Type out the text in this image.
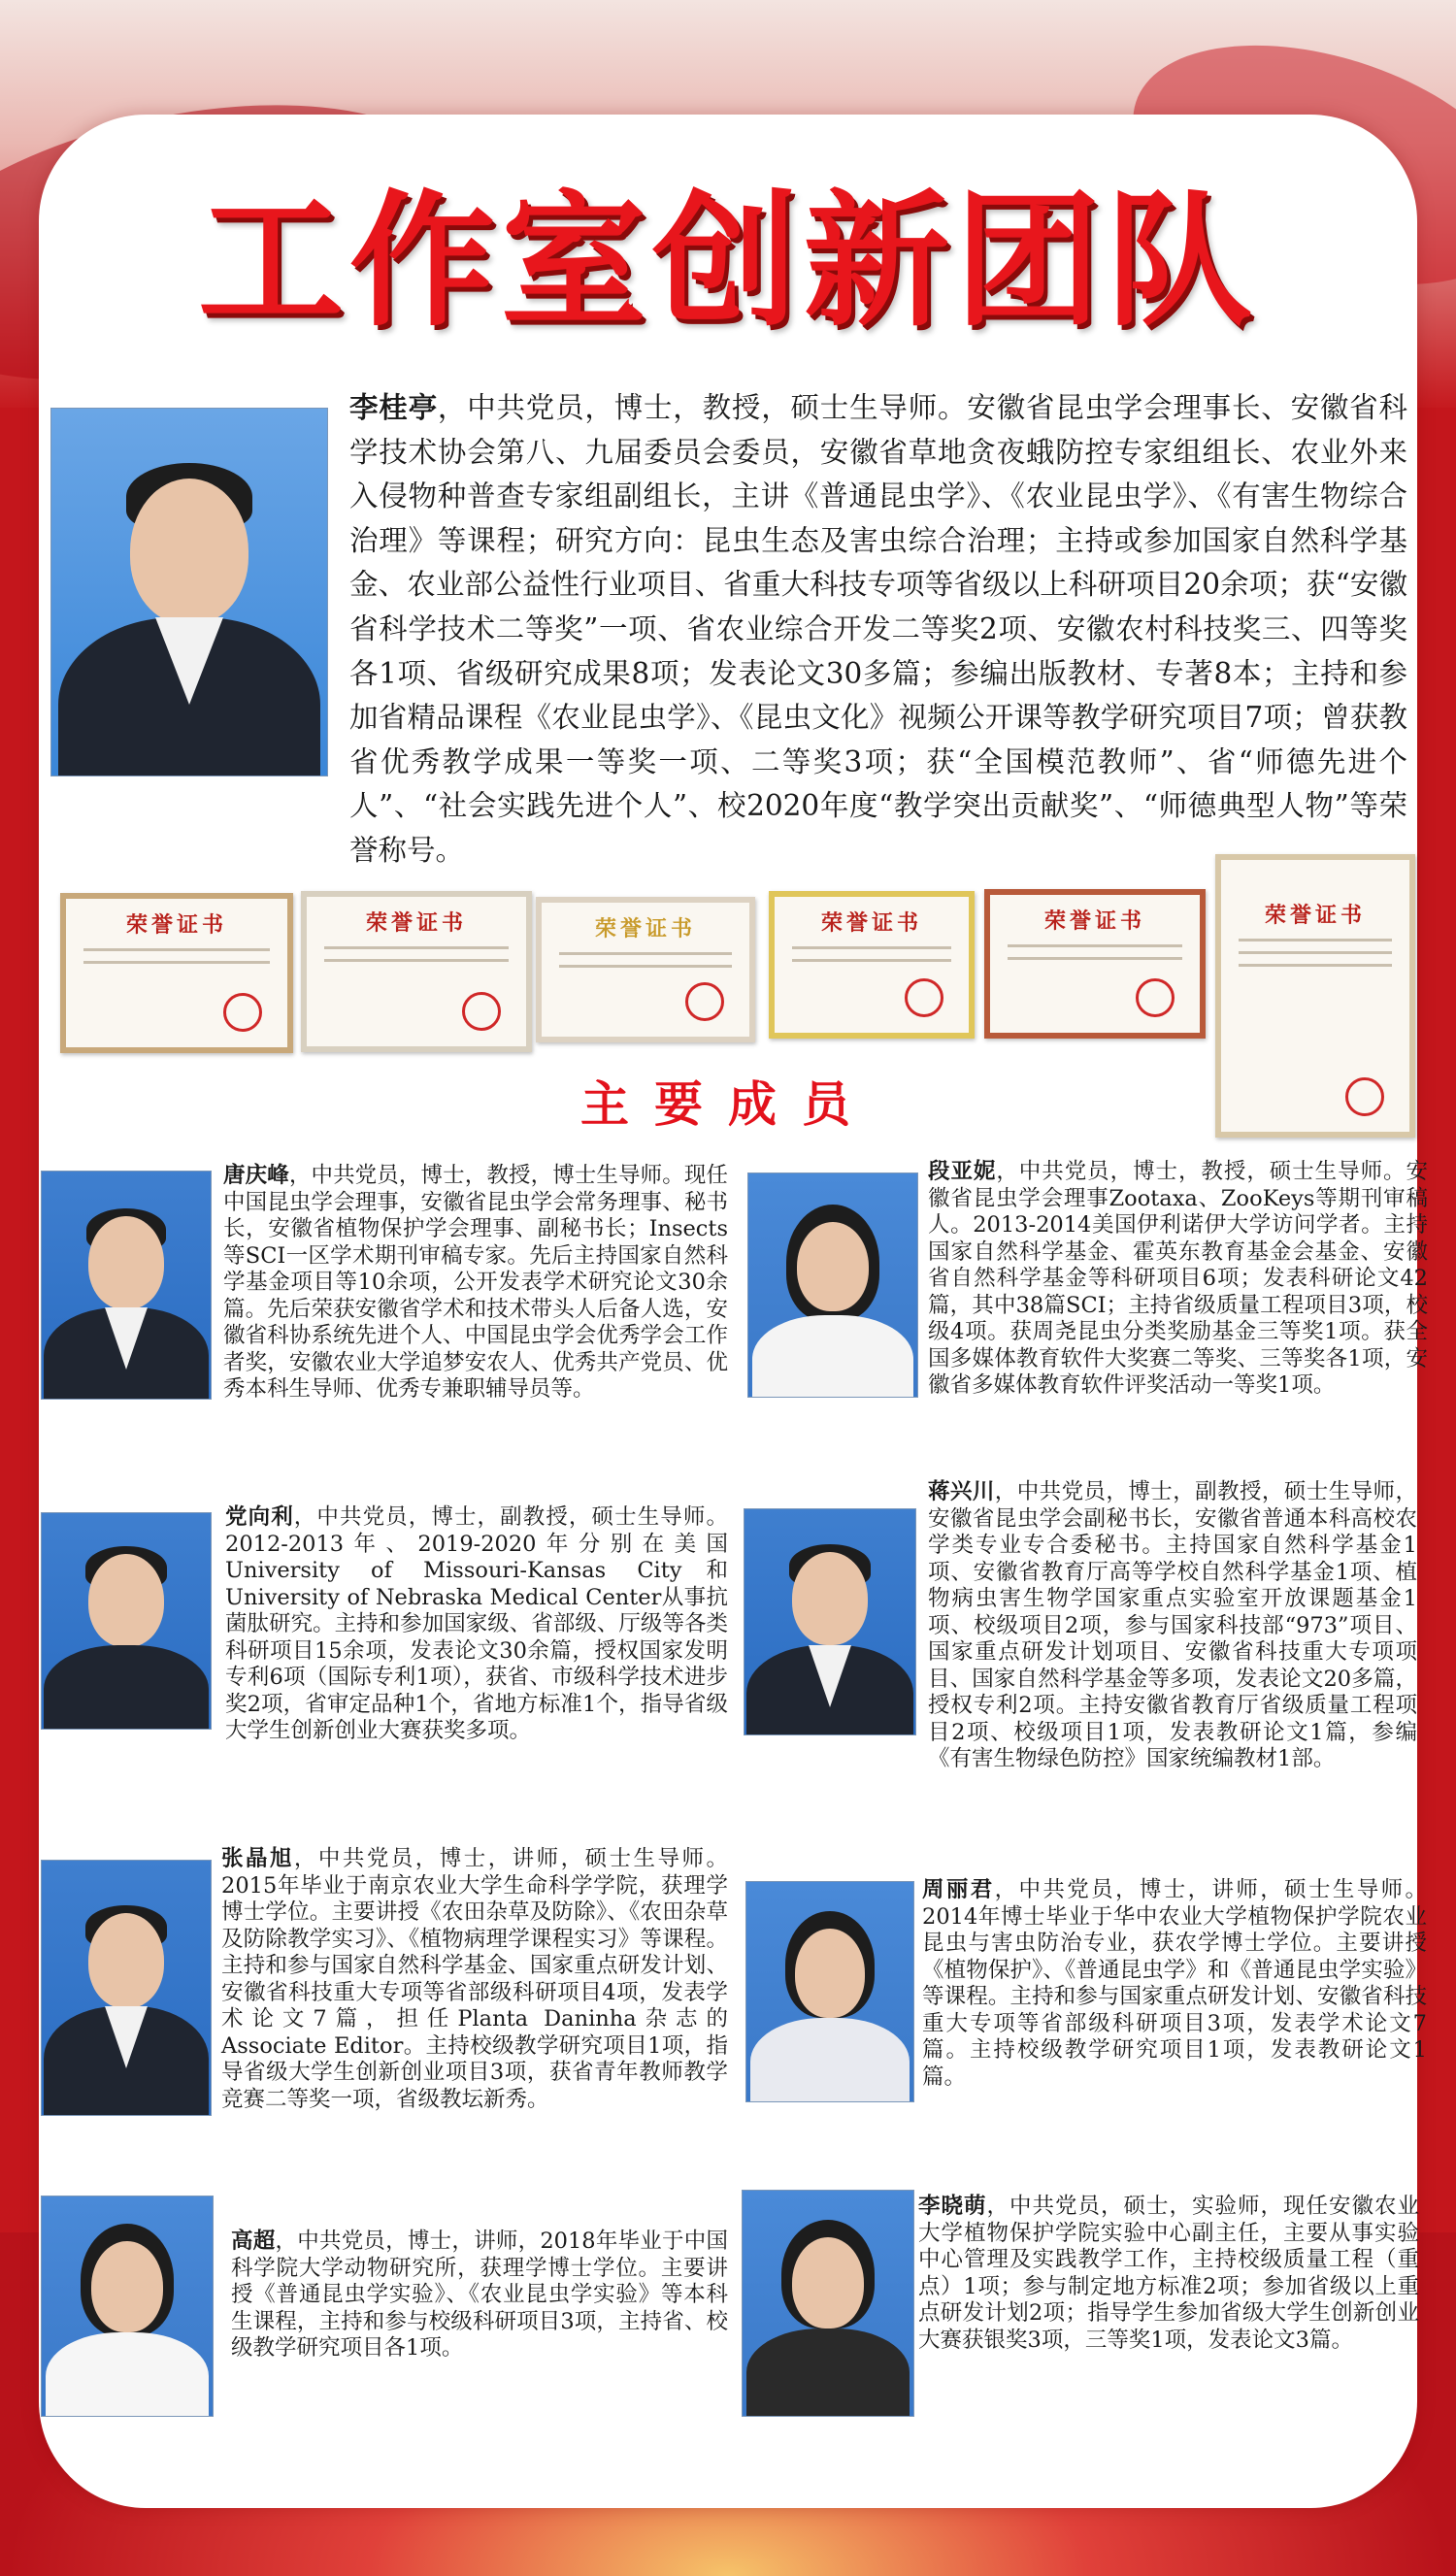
工作室创新团队
李桂亭，中共党员，博士，教授，硕士生导师。安徽省昆虫学会理事长、安徽省科学技术协会第八、九届委员会委员，安徽省草地贪夜蛾防控专家组组长、农业外来入侵物种普查专家组副组长，主讲《普通昆虫学》、《农业昆虫学》、《有害生物综合治理》等课程；研究方向：昆虫生态及害虫综合治理；主持或参加国家自然科学基金、农业部公益性行业项目、省重大科技专项等省级以上科研项目20余项；获“安徽省科学技术二等奖”一项、省农业综合开发二等奖2项、安徽农村科技奖三、四等奖各1项、省级研究成果8项；发表论文30多篇；参编出版教材、专著8本；主持和参加省精品课程《农业昆虫学》、《昆虫文化》视频公开课等教学研究项目7项；曾获教省优秀教学成果一等奖一项、二等奖3项；获“全国模范教师”、省“师德先进个人”、“社会实践先进个人”、校2020年度“教学突出贡献奖”、“师德典型人物”等荣誉称号。
荣誉证书	荣誉证书	荣誉证书	荣誉证书	荣誉证书	荣誉证书
主要成员
唐庆峰，中共党员，博士，教授，博士生导师。现任中国昆虫学会理事，安徽省昆虫学会常务理事、秘书长，安徽省植物保护学会理事、副秘书长；Insects等SCI一区学术期刊审稿专家。先后主持国家自然科学基金项目等10余项，公开发表学术研究论文30余篇。先后荣获安徽省学术和技术带头人后备人选，安徽省科协系统先进个人、中国昆虫学会优秀学会工作者奖，安徽农业大学追梦安农人、优秀共产党员、优秀本科生导师、优秀专兼职辅导员等。
段亚妮，中共党员，博士，教授，硕士生导师。安徽省昆虫学会理事Zootaxa、ZooKeys等期刊审稿人。2013-2014美国伊利诺伊大学访问学者。主持国家自然科学基金、霍英东教育基金会基金、安徽省自然科学基金等科研项目6项；发表科研论文42篇，其中38篇SCI；主持省级质量工程项目3项，校级4项。获周尧昆虫分类奖励基金三等奖1项。获全国多媒体教育软件大奖赛二等奖、三等奖各1项，安徽省多媒体教育软件评奖活动一等奖1项。
党向利，中共党员，博士，副教授，硕士生导师。2012-2013年、2019-2020年分别在美国University of Missouri-Kansas City和University of Nebraska Medical Center从事抗菌肽研究。主持和参加国家级、省部级、厅级等各类科研项目15余项，发表论文30余篇，授权国家发明专利6项（国际专利1项），获省、市级科学技术进步奖2项，省审定品种1个，省地方标准1个，指导省级大学生创新创业大赛获奖多项。
蒋兴川，中共党员，博士，副教授，硕士生导师，安徽省昆虫学会副秘书长，安徽省普通本科高校农学类专业专合委秘书。主持国家自然科学基金1项、安徽省教育厅高等学校自然科学基金1项、植物病虫害生物学国家重点实验室开放课题基金1项、校级项目2项，参与国家科技部“973”项目、国家重点研发计划项目、安徽省科技重大专项项目、国家自然科学基金等多项，发表论文20多篇，授权专利2项。主持安徽省教育厅省级质量工程项目2项、校级项目1项，发表教研论文1篇，参编《有害生物绿色防控》国家统编教材1部。
张晶旭，中共党员，博士，讲师，硕士生导师。2015年毕业于南京农业大学生命科学学院，获理学博士学位。主要讲授《农田杂草及防除》、《农田杂草及防除教学实习》、《植物病理学课程实习》等课程。主持和参与国家自然科学基金、国家重点研发计划、安徽省科技重大专项等省部级科研项目4项，发表学术论文7篇，担任Planta Daninha杂志的Associate Editor。主持校级教学研究项目1项，指导省级大学生创新创业项目3项，获省青年教师教学竞赛二等奖一项，省级教坛新秀。
周丽君，中共党员，博士，讲师，硕士生导师。2014年博士毕业于华中农业大学植物保护学院农业昆虫与害虫防治专业，获农学博士学位。主要讲授《植物保护》、《普通昆虫学》和《普通昆虫学实验》等课程。主持和参与国家重点研发计划、安徽省科技重大专项等省部级科研项目3项，发表学术论文7篇。主持校级教学研究项目1项，发表教研论文1篇。
高超，中共党员，博士，讲师，2018年毕业于中国科学院大学动物研究所，获理学博士学位。主要讲授《普通昆虫学实验》、《农业昆虫学实验》等本科生课程，主持和参与校级科研项目3项，主持省、校级教学研究项目各1项。
李晓萌，中共党员，硕士，实验师，现任安徽农业大学植物保护学院实验中心副主任，主要从事实验中心管理及实践教学工作，主持校级质量工程（重点）1项；参与制定地方标准2项；参加省级以上重点研发计划2项；指导学生参加省级大学生创新创业大赛获银奖3项，三等奖1项，发表论文3篇。
